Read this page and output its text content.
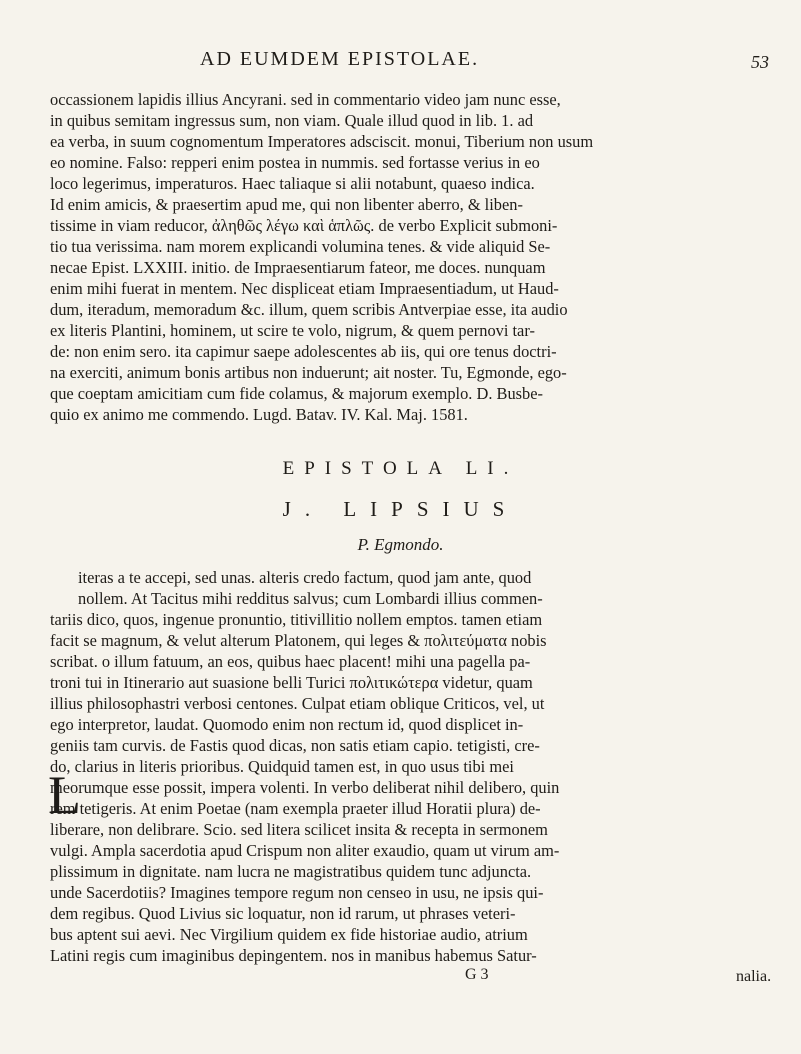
AD EUMDEM EPISTOLAE.	53
occassionem lapidis illius Ancyrani. sed in commentario video jam nunc esse,
in quibus semitam ingressus sum, non viam. Quale illud quod in lib. 1. ad
ea verba, in suum cognomentum Imperatores adsciscit. monui, Tiberium non usum
eo nomine. Falso: repperi enim postea in nummis. sed fortasse verius in eo
loco legerimus, imperaturos. Haec taliaque si alii notabunt, quaeso indica.
Id enim amicis, & praesertim apud me, qui non libenter aberro, & liben-
tissime in viam reducor, ἀληθῶς λέγω καὶ ἁπλῶς. de verbo Explicit submoni-
tio tua verissima. nam morem explicandi volumina tenes. & vide aliquid Se-
necae Epist. LXXIII. initio. de Impraesentiarum fateor, me doces. nunquam
enim mihi fuerat in mentem. Nec displiceat etiam Impraesentiadum, ut Haud-
dum, iteradum, memoradum &c. illum, quem scribis Antverpiae esse, ita audio
ex literis Plantini, hominem, ut scire te volo, nigrum, & quem pernovi tar-
de: non enim sero. ita capimur saepe adolescentes ab iis, qui ore tenus doctri-
na exerciti, animum bonis artibus non induerunt; ait noster. Tu, Egmonde, ego-
que coeptam amicitiam cum fide colamus, & majorum exemplo. D. Busbe-
quio ex animo me commendo. Lugd. Batav. IV. Kal. Maj. 1581.
EPISTOLA LI.
J. LIPSIUS
P. Egmondo.
L
iteras a te accepi, sed unas. alteris credo factum, quod jam ante, quod
nollem. At Tacitus mihi redditus salvus; cum Lombardi illius commen-
tariis dico, quos, ingenue pronuntio, titivillitio nollem emptos. tamen etiam
facit se magnum, & velut alterum Platonem, qui leges & πολιτεύματα nobis
scribat. o illum fatuum, an eos, quibus haec placent! mihi una pagella pa-
troni tui in Itinerario aut suasione belli Turici πολιτικώτερα videtur, quam
illius philosophastri verbosi centones. Culpat etiam oblique Criticos, vel, ut
ego interpretor, laudat. Quomodo enim non rectum id, quod displicet in-
geniis tam curvis. de Fastis quod dicas, non satis etiam capio. tetigisti, cre-
do, clarius in literis prioribus. Quidquid tamen est, in quo usus tibi mei
meorumque esse possit, impera volenti. In verbo deliberat nihil delibero, quin
rem tetigeris. At enim Poetae (nam exempla praeter illud Horatii plura) de-
liberare, non delibrare. Scio. sed litera scilicet insita & recepta in sermonem
vulgi. Ampla sacerdotia apud Crispum non aliter exaudio, quam ut virum am-
plissimum in dignitate. nam lucra ne magistratibus quidem tunc adjuncta.
unde Sacerdotiis? Imagines tempore regum non censeo in usu, ne ipsis qui-
dem regibus. Quod Livius sic loquatur, non id rarum, ut phrases veteri-
bus aptent sui aevi. Nec Virgilium quidem ex fide historiae audio, atrium
Latini regis cum imaginibus depingentem. nos in manibus habemus Satur-
G 3	nalia.
